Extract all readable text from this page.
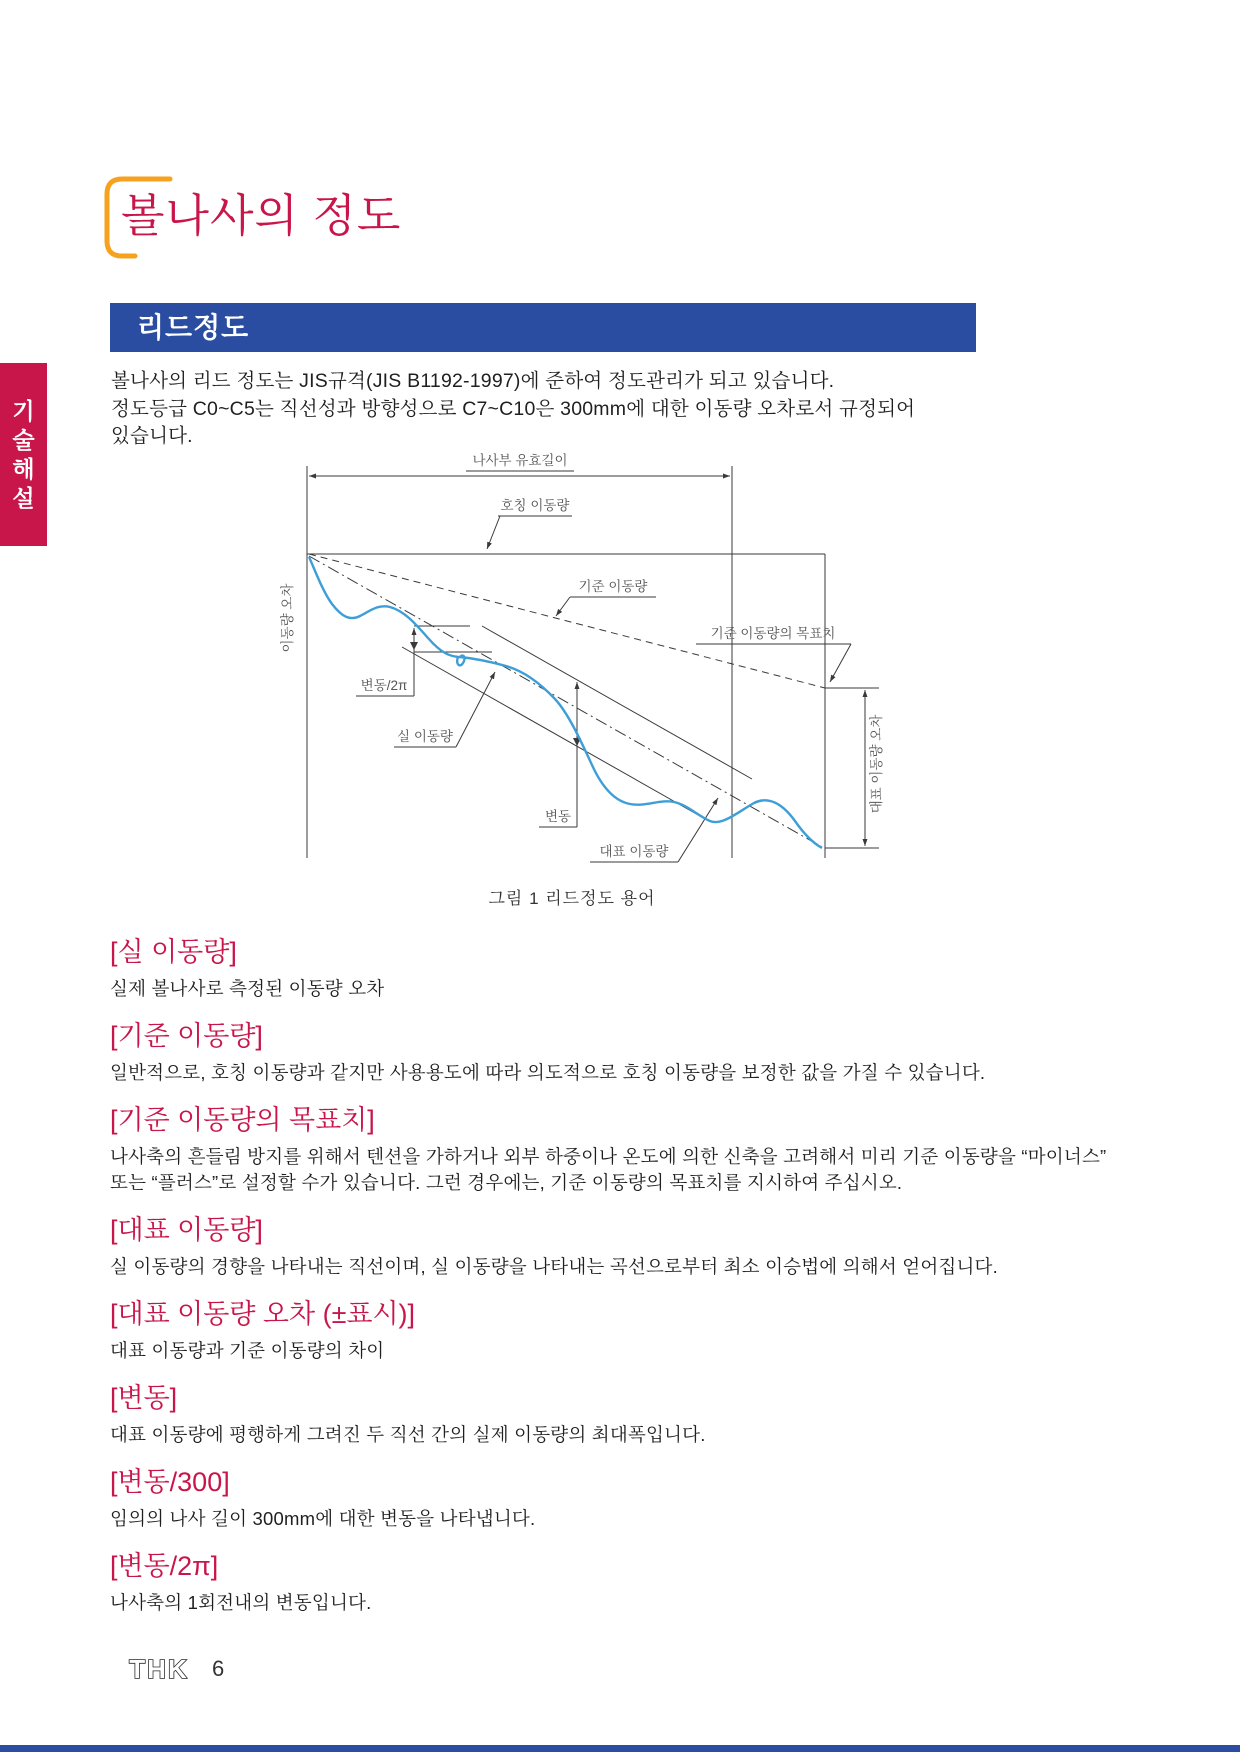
볼나사의 정도
리드정도
기
술
해
설
볼나사의 리드 정도는 JIS규격(JIS B1192-1997)에 준하여 정도관리가 되고 있습니다.
정도등급 C0~C5는 직선성과 방향성으로 C7~C10은 300mm에 대한 이동량 오차로서 규정되어
있습니다.
나사부 유효길이
호칭 이동량
기준 이동량
기준 이동량의 목표치
이동량 오차
변동/2π
실 이동량
변동
대표 이동량
대표 이동량 오차
그림 1 리드정도 용어
[실 이동량]
실제 볼나사로 측정된 이동량 오차
[기준 이동량]
일반적으로, 호칭 이동량과 같지만 사용용도에 따라 의도적으로 호칭 이동량을 보정한 값을 가질 수 있습니다.
[기준 이동량의 목표치]
나사축의 흔들림 방지를 위해서 텐션을 가하거나 외부 하중이나 온도에 의한 신축을 고려해서 미리 기준 이동량을 “마이너스”
또는 “플러스”로 설정할 수가 있습니다. 그런 경우에는, 기준 이동량의 목표치를 지시하여 주십시오.
[대표 이동량]
실 이동량의 경향을 나타내는 직선이며, 실 이동량을 나타내는 곡선으로부터 최소 이승법에 의해서 얻어집니다.
[대표 이동량 오차 (±표시)]
대표 이동량과 기준 이동량의 차이
[변동]
대표 이동량에 평행하게 그려진 두 직선 간의 실제 이동량의 최대폭입니다.
[변동/300]
임의의 나사 길이 300mm에 대한 변동을 나타냅니다.
[변동/2π]
나사축의 1회전내의 변동입니다.
THK 6
